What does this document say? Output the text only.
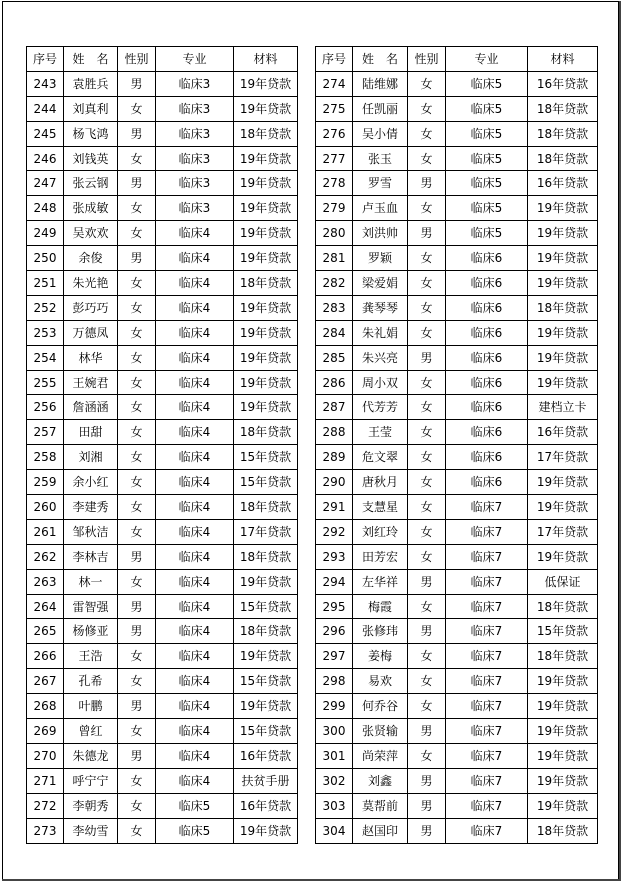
序号	姓　名	性别	专业	材料
243	袁胜兵	男	临床3	19年贷款
244	刘真利	女	临床3	19年贷款
245	杨飞鸿	男	临床3	18年贷款
246	刘钱英	女	临床3	19年贷款
247	张云钢	男	临床3	19年贷款
248	张成敏	女	临床3	19年贷款
249	吴欢欢	女	临床4	19年贷款
250	余俊	男	临床4	19年贷款
251	朱光艳	女	临床4	18年贷款
252	彭巧巧	女	临床4	19年贷款
253	万德凤	女	临床4	19年贷款
254	林华	女	临床4	19年贷款
255	王婉君	女	临床4	19年贷款
256	詹涵涵	女	临床4	19年贷款
257	田甜	女	临床4	18年贷款
258	刘湘	女	临床4	15年贷款
259	余小红	女	临床4	15年贷款
260	李建秀	女	临床4	18年贷款
261	邹秋洁	女	临床4	17年贷款
262	李林吉	男	临床4	18年贷款
263	林一	女	临床4	19年贷款
264	雷智强	男	临床4	15年贷款
265	杨修亚	男	临床4	18年贷款
266	王浩	女	临床4	19年贷款
267	孔希	女	临床4	15年贷款
268	叶鹏	男	临床4	19年贷款
269	曾红	女	临床4	15年贷款
270	朱德龙	男	临床4	16年贷款
271	呼宁宁	女	临床4	扶贫手册
272	李朝秀	女	临床5	16年贷款
273	李幼雪	女	临床5	19年贷款
序号	姓　名	性别	专业	材料
274	陆维娜	女	临床5	16年贷款
275	任凯丽	女	临床5	18年贷款
276	吴小倩	女	临床5	18年贷款
277	张玉	女	临床5	18年贷款
278	罗雪	男	临床5	16年贷款
279	卢玉血	女	临床5	19年贷款
280	刘洪帅	男	临床5	19年贷款
281	罗颖	女	临床6	19年贷款
282	梁爱娟	女	临床6	19年贷款
283	龚琴琴	女	临床6	18年贷款
284	朱礼娟	女	临床6	19年贷款
285	朱兴亮	男	临床6	19年贷款
286	周小双	女	临床6	19年贷款
287	代芳芳	女	临床6	建档立卡
288	王莹	女	临床6	16年贷款
289	危文翠	女	临床6	17年贷款
290	唐秋月	女	临床6	19年贷款
291	支慧星	女	临床7	19年贷款
292	刘红玲	女	临床7	17年贷款
293	田芳宏	女	临床7	19年贷款
294	左华祥	男	临床7	低保证
295	梅霞	女	临床7	18年贷款
296	张修玮	男	临床7	15年贷款
297	姜梅	女	临床7	18年贷款
298	易欢	女	临床7	19年贷款
299	何乔谷	女	临床7	19年贷款
300	张贤输	男	临床7	19年贷款
301	尚荣萍	女	临床7	19年贷款
302	刘鑫	男	临床7	19年贷款
303	莫帮前	男	临床7	19年贷款
304	赵国印	男	临床7	18年贷款
